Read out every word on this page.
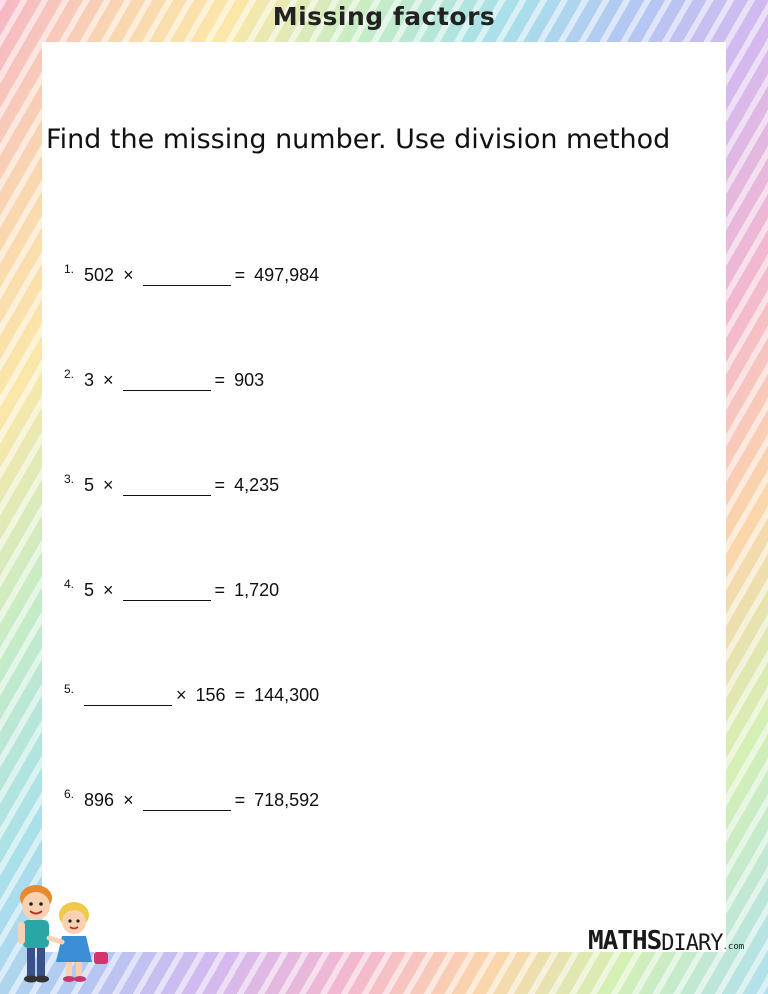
Missing factors
Find the missing number. Use division method
1. 502 ×	= 497,984
2. 3 ×	= 903
3. 5 ×	= 4,235
4. 5 ×	= 1,720
5.	× 156 = 144,300
6. 896 ×	= 718,592
MATHS DIARY .com
